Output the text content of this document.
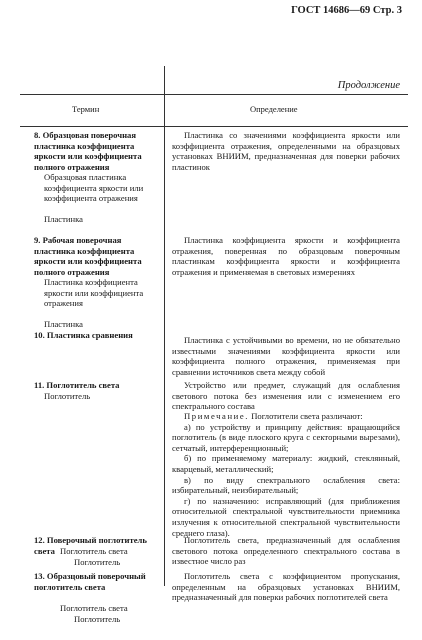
ГОСТ 14686—69 Стр. 3
Продолжение
Термин	Определение
8. Образцовая поверочная пластинка коэффициента яркости или коэффициента полного отражения
Образцовая пластинка коэффициента яркости или коэффициента отражения
Пластинка
Пластинка со значениями коэффициента яркости или коэффициента отражения, определенными на образцовых установках ВНИИМ, предназначенная для поверки рабочих пластинок
9. Рабочая поверочная пластинка коэффициента яркости или коэффициента полного отражения
Пластинка коэффициента яркости или коэффициента отражения
Пластинка
Пластинка коэффициента яркости и коэффициента отражения, поверенная по образцовым поверочным пластинкам коэффициента яркости и коэффициента отражения и применяемая в световых измерениях
10. Пластинка сравнения	Пластинка с устойчивыми во времени, но не обязательно известными значениями коэффициента яркости или коэффициента полного отражения, применяемая при сравнении источников света между собой
11. Поглотитель света
Поглотитель
Устройство или предмет, служащий для ослабления светового потока без изменения или с изменением его спектрального состава
Примечание. Поглотители света различают:
а) по устройству и принципу действия: вращающийся поглотитель (в виде плоского круга с секторными вырезами), сетчатый, интерференционный;
б) по применяемому материалу: жидкий, стеклянный, кварцевый, металлический;
в) по виду спектрального ослабления света: избирательный, неизбирательный;
г) по назначению: исправляющий (для приближения относительной спектральной чувствительности приемника излучения к относительной спектральной чувствительности среднего глаза).
12. Поверочный поглотитель света Поглотитель света
Поглотитель
Поглотитель света, предназначенный для ослабления светового потока определенного спектрального состава в известное число раз
13. Образцовый поверочный поглотитель света
Поглотитель света
Поглотитель
Поглотитель света с коэффициентом пропускания, определенным на образцовых установках ВНИИМ, предназначенный для поверки рабочих поглотителей света
